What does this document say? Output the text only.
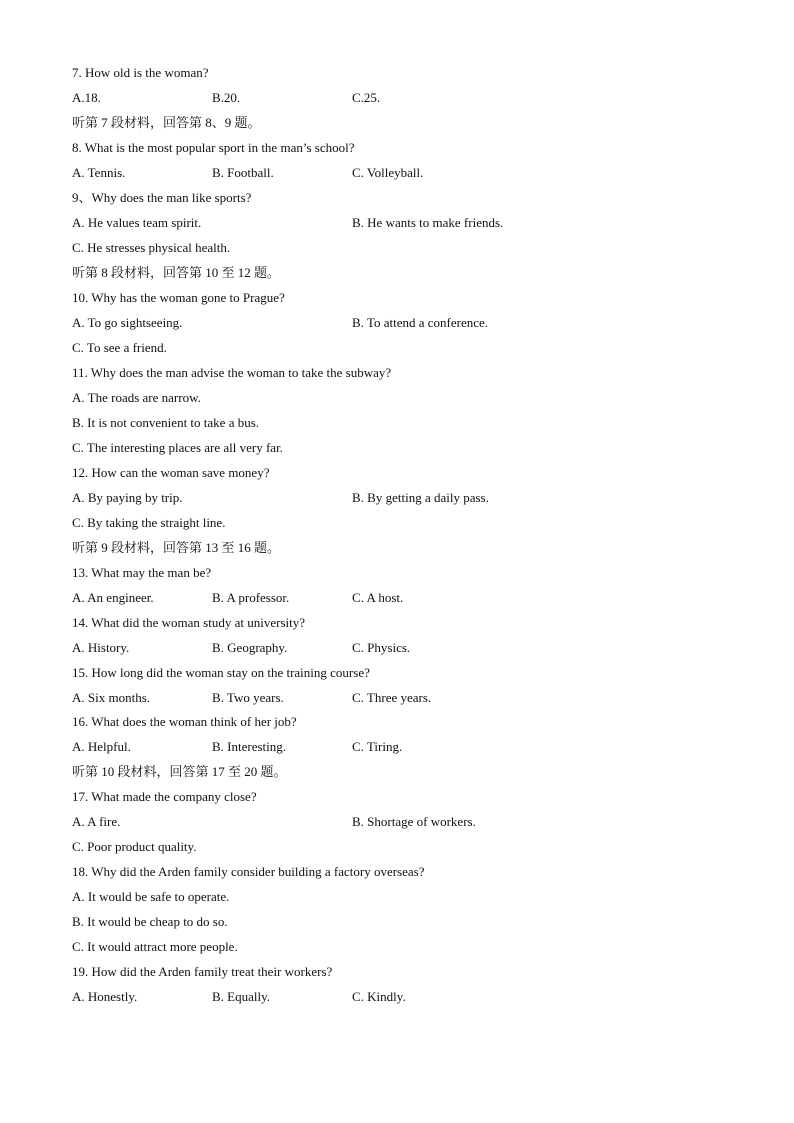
7. How old is the woman?
A.18.	B.20.	C.25.
听第 7 段材料，回答第 8、9 题。
8. What is the most popular sport in the man’s school?
A. Tennis.	B. Football.	C. Volleyball.
9、Why does the man like sports?
A. He values team spirit.	B. He wants to make friends.
C. He stresses physical health.
听第 8 段材料，回答第 10 至 12 题。
10. Why has the woman gone to Prague?
A. To go sightseeing.	B. To attend a conference.
C. To see a friend.
11. Why does the man advise the woman to take the subway?
A. The roads are narrow.
B. It is not convenient to take a bus.
C. The interesting places are all very far.
12. How can the woman save money?
A. By paying by trip.	B. By getting a daily pass.
C. By taking the straight line.
听第 9 段材料，回答第 13 至 16 题。
13. What may the man be?
A. An engineer.	B. A professor.	C. A host.
14. What did the woman study at university?
A. History.	B. Geography.	C. Physics.
15. How long did the woman stay on the training course?
A. Six months.	B. Two years.	C. Three years.
16. What does the woman think of her job?
A. Helpful.	B. Interesting.	C. Tiring.
听第 10 段材料，回答第 17 至 20 题。
17. What made the company close?
A. A fire.	B. Shortage of workers.
C. Poor product quality.
18. Why did the Arden family consider building a factory overseas?
A. It would be safe to operate.
B. It would be cheap to do so.
C. It would attract more people.
19. How did the Arden family treat their workers?
A. Honestly.	B. Equally.	C. Kindly.
